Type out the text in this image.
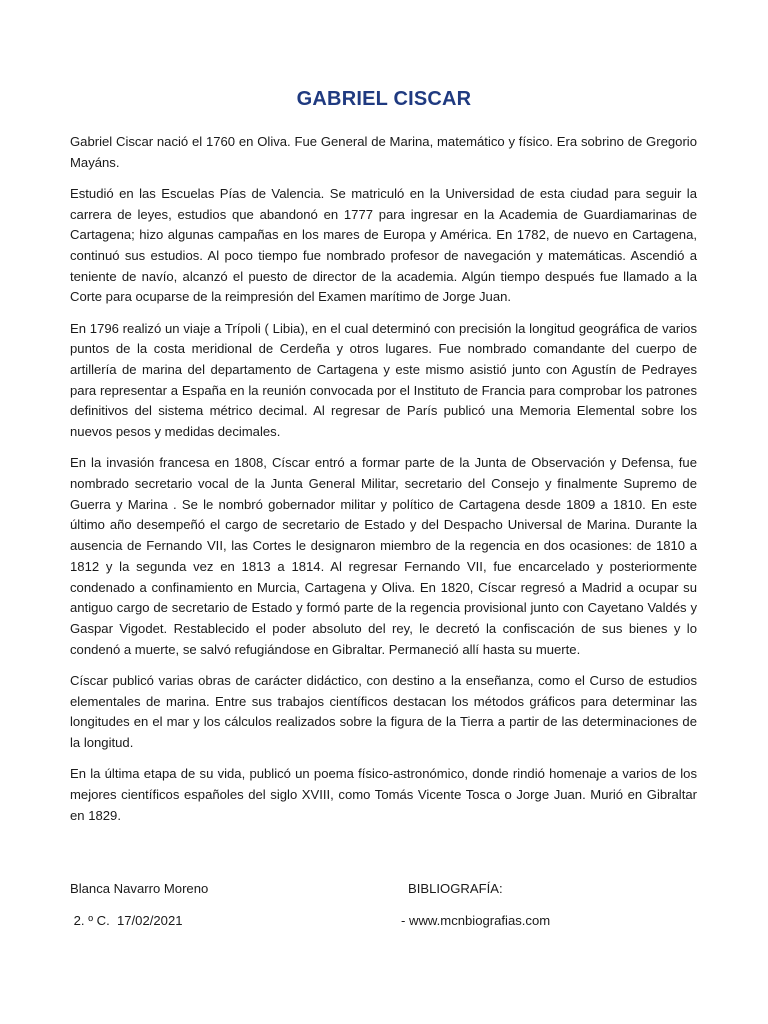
GABRIEL CISCAR

Gabriel Ciscar nació el 1760 en Oliva. Fue General de Marina, matemático y físico. Era sobrino de Gregorio Mayáns.

Estudió en las Escuelas Pías de Valencia. Se matriculó en la Universidad de esta ciudad para seguir la carrera de leyes, estudios que abandonó en 1777 para ingresar en la Academia de Guardiamarinas de Cartagena; hizo algunas campañas en los mares de Europa y América. En 1782, de nuevo en Cartagena, continuó sus estudios. Al poco tiempo fue nombrado profesor de navegación y matemáticas. Ascendió a teniente de navío, alcanzó el puesto de director de la academia. Algún tiempo después fue llamado a la Corte para ocuparse de la reimpresión del Examen marítimo de Jorge Juan.

En 1796 realizó un viaje a Trípoli ( Libia), en el cual determinó con precisión la longitud geográfica de varios puntos de la costa meridional de Cerdeña y otros lugares. Fue nombrado comandante del cuerpo de artillería de marina del departamento de Cartagena y este mismo asistió junto con Agustín de Pedrayes para representar a España en la reunión convocada por el Instituto de Francia para comprobar los patrones definitivos del sistema métrico decimal. Al regresar de París publicó una Memoria Elemental sobre los nuevos pesos y medidas decimales.

En la invasión francesa en 1808, Císcar entró a formar parte de la Junta de Observación y Defensa, fue nombrado secretario vocal de la Junta General Militar, secretario del Consejo y finalmente Supremo de Guerra y Marina . Se le nombró gobernador militar y político de Cartagena desde 1809 a 1810. En este último año desempeñó el cargo de secretario de Estado y del Despacho Universal de Marina. Durante la ausencia de Fernando VII, las Cortes le designaron miembro de la regencia en dos ocasiones: de 1810 a 1812 y la segunda vez en 1813 a 1814. Al regresar Fernando VII, fue encarcelado y posteriormente condenado a confinamiento en Murcia, Cartagena y Oliva. En 1820, Císcar regresó a Madrid a ocupar su antiguo cargo de secretario de Estado y formó parte de la regencia provisional junto con Cayetano Valdés y Gaspar Vigodet. Restablecido el poder absoluto del rey, le decretó la confiscación de sus bienes y lo condenó a muerte, se salvó refugiándose en Gibraltar. Permaneció allí hasta su muerte.

Císcar publicó varias obras de carácter didáctico, con destino a la enseñanza, como el Curso de estudios elementales de marina. Entre sus trabajos científicos destacan los métodos gráficos para determinar las longitudes en el mar y los cálculos realizados sobre la figura de la Tierra a partir de las determinaciones de la longitud.

En la última etapa de su vida, publicó un poema físico-astronómico, donde rindió homenaje a varios de los mejores científicos españoles del siglo XVIII, como Tomás Vicente Tosca o Jorge Juan. Murió en Gibraltar en 1829.

Blanca Navarro Moreno	BIBLIOGRAFÍA:
2. º C.  17/02/2021	- www.mcnbiografias.com
